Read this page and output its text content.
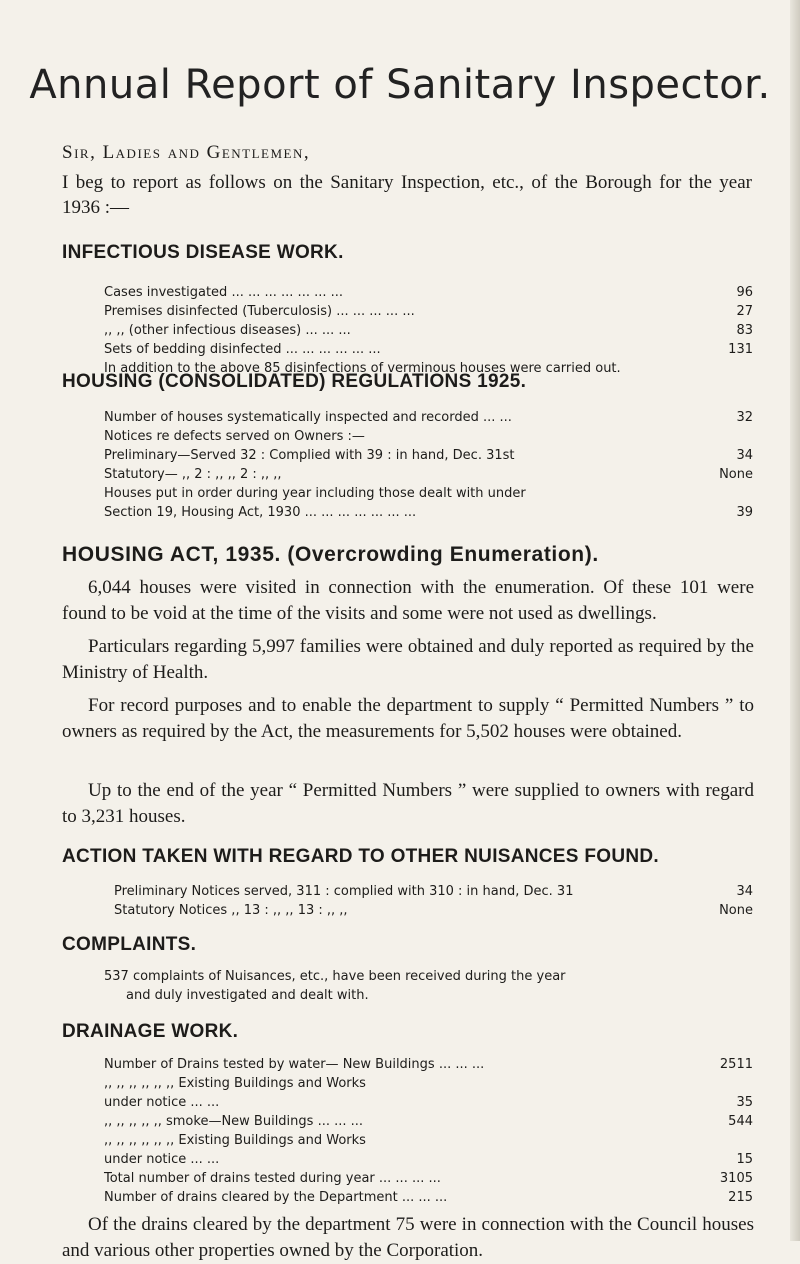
Annual Report of Sanitary Inspector.
Sir, Ladies and Gentlemen,
I beg to report as follows on the Sanitary Inspection, etc., of the Borough for the year 1936 :—
INFECTIOUS DISEASE WORK.
Cases investigated ... ... ... ... ... ... ...	96
Premises disinfected (Tuberculosis) ... ... ... ... ...	27
,, ,, (other infectious diseases) ... ... ...	83
Sets of bedding disinfected ... ... ... ... ... ...	131
In addition to the above 85 disinfections of verminous houses were carried out.
HOUSING (CONSOLIDATED) REGULATIONS 1925.
Number of houses systematically inspected and recorded ... ...	32
Notices re defects served on Owners :—
Preliminary—Served 32 : Complied with 39 : in hand, Dec. 31st	34
Statutory— ,, 2 : ,, ,, 2 : ,, ,,	None
Houses put in order during year including those dealt with under
Section 19, Housing Act, 1930 ... ... ... ... ... ... ...	39
HOUSING ACT, 1935. (Overcrowding Enumeration).
6,044 houses were visited in connection with the enumeration. Of these 101 were found to be void at the time of the visits and some were not used as dwellings.
Particulars regarding 5,997 families were obtained and duly reported as required by the Ministry of Health.
For record purposes and to enable the department to supply “ Permitted Numbers ” to owners as required by the Act, the measurements for 5,502 houses were obtained.
Up to the end of the year “ Permitted Numbers ” were supplied to owners with regard to 3,231 houses.
ACTION TAKEN WITH REGARD TO OTHER NUISANCES FOUND.
Preliminary Notices served, 311 : complied with 310 : in hand, Dec. 31	34
Statutory Notices ,, 13 : ,, ,, 13 : ,, ,,	None
COMPLAINTS.
537 complaints of Nuisances, etc., have been received during the year
and duly investigated and dealt with.
DRAINAGE WORK.
Number of Drains tested by water— New Buildings ... ... ...	2511
,, ,, ,, ,, ,, ,, Existing Buildings and Works
under notice ... ...	35
,, ,, ,, ,, ,, smoke—New Buildings ... ... ...	544
,, ,, ,, ,, ,, ,, Existing Buildings and Works
under notice ... ...	15
Total number of drains tested during year ... ... ... ...	3105
Number of drains cleared by the Department ... ... ...	215
Of the drains cleared by the department 75 were in connection with the Council houses and various other properties owned by the Corporation.
